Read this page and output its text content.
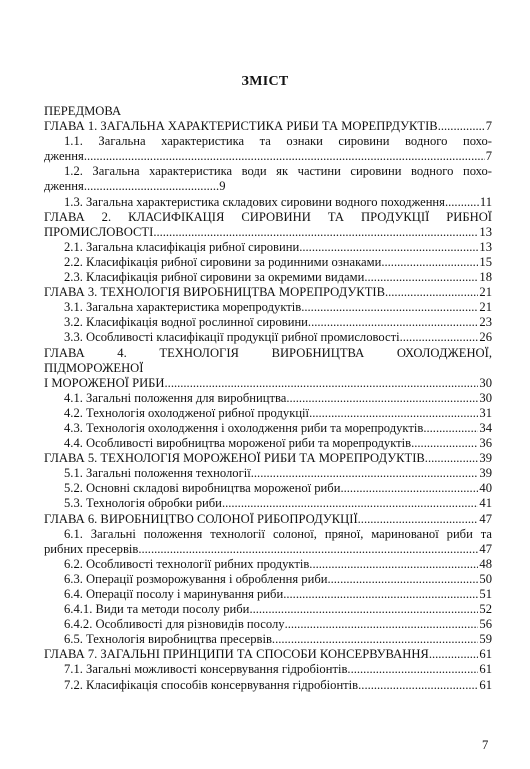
ЗМІСТ
ПЕРЕДМОВА
ГЛАВА 1. ЗАГАЛЬНА ХАРАКТЕРИСТИКА РИБИ ТА МОРЕПРДУКТІВ .....	7
1.1. Загальна характеристика та ознаки сировини водного похо-
дження .....	7
1.2. Загальна характеристика води як частини сировини водного похо-
дження...........................................9
1.3. Загальна характеристика складових сировини водного походження .....	11
ГЛАВА 2. КЛАСИФІКАЦІЯ СИРОВИНИ ТА ПРОДУКЦІЇ РИБНОЇ
ПРОМИСЛОВОСТІ .....	13
2.1. Загальна класифікація рибної сировини .....	13
2.2. Класифікація рибної сировини за родинними ознаками .....	15
2.3. Класифікація рибної сировини за окремими видами .....	18
ГЛАВА 3. ТЕХНОЛОГІЯ ВИРОБНИЦТВА МОРЕПРОДУКТІВ .....	21
3.1. Загальна характеристика морепродуктів .....	21
3.2. Класифікація водної рослинної сировини .....	23
3.3. Особливості класифікації продукції рибної промисловості .....	26
ГЛАВА 4. ТЕХНОЛОГІЯ ВИРОБНИЦТВА ОХОЛОДЖЕНОЇ,
ПІДМОРОЖЕНОЇ
І МОРОЖЕНОЇ РИБИ .....	30
4.1. Загальні положення для виробництва .....	30
4.2. Технологія охолодженої рибної продукції .....	31
4.3. Технологія охолодження і охолодження риби та морепродуктів .....	34
4.4. Особливості виробництва мороженої риби та морепродуктів .....	36
ГЛАВА 5. ТЕХНОЛОГІЯ МОРОЖЕНОЇ РИБИ ТА МОРЕПРОДУКТІВ .....	39
5.1. Загальні положення технології .....	39
5.2. Основні складові виробництва мороженої риби .....	40
5.3. Технологія обробки риби .....	41
ГЛАВА 6. ВИРОБНИЦТВО СОЛОНОЇ РИБОПРОДУКЦІЇ .....	47
6.1. Загальні положення технології солоної, пряної, маринованої риби та
рибних пресервів .....	47
6.2. Особливості технології рибних продуктів .....	48
6.3. Операції розморожування і оброблення риби .....	50
6.4. Операції посолу і маринування риби .....	51
6.4.1. Види та методи посолу риби .....	52
6.4.2. Особливості для різновидів посолу .....	56
6.5. Технологія виробництва пресервів .....	59
ГЛАВА 7. ЗАГАЛЬНІ ПРИНЦИПИ ТА СПОСОБИ КОНСЕРВУВАННЯ .....	61
7.1. Загальні можливості консервування гідробіонтів .....	61
7.2. Класифікація способів консервування гідробіонтів .....	61
7
